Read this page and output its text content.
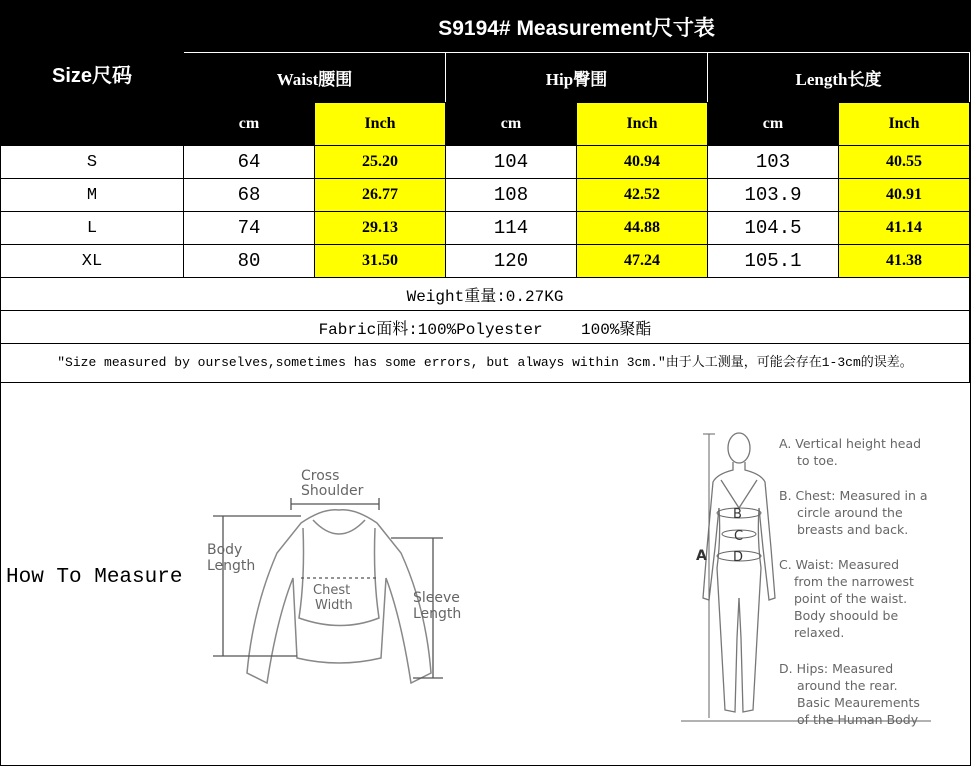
Size尺码	S9194# Measurement尺寸表					
	Waist腰围		Hip臀围		Length长度	
	cm	Inch	cm	Inch	cm	Inch
S	64	25.20	104	40.94	103	40.55
M	68	26.77	108	42.52	103.9	40.91
L	74	29.13	114	44.88	104.5	41.14
XL	80	31.50	120	47.24	105.1	41.38
Weight重量:0.27KG						
Fabric面料:100%Polyester    100%聚酯						
"Size measured by ourselves,sometimes has some errors, but always within 3cm."由于人工测量，可能会存在1-3cm的误差。						
How To Measure
Cross
Shoulder
Body
Length
Chest
Width	Sleeve
Length
A
B
C
D
A. Vertical height head
to toe.
B. Chest: Measured in a
circle around the
breasts and back.
C. Waist: Measured
from the narrowest
point of the waist.
Body shoould be
relaxed.
D. Hips: Measured
around the rear.
Basic Meaurements
of the Human Body
